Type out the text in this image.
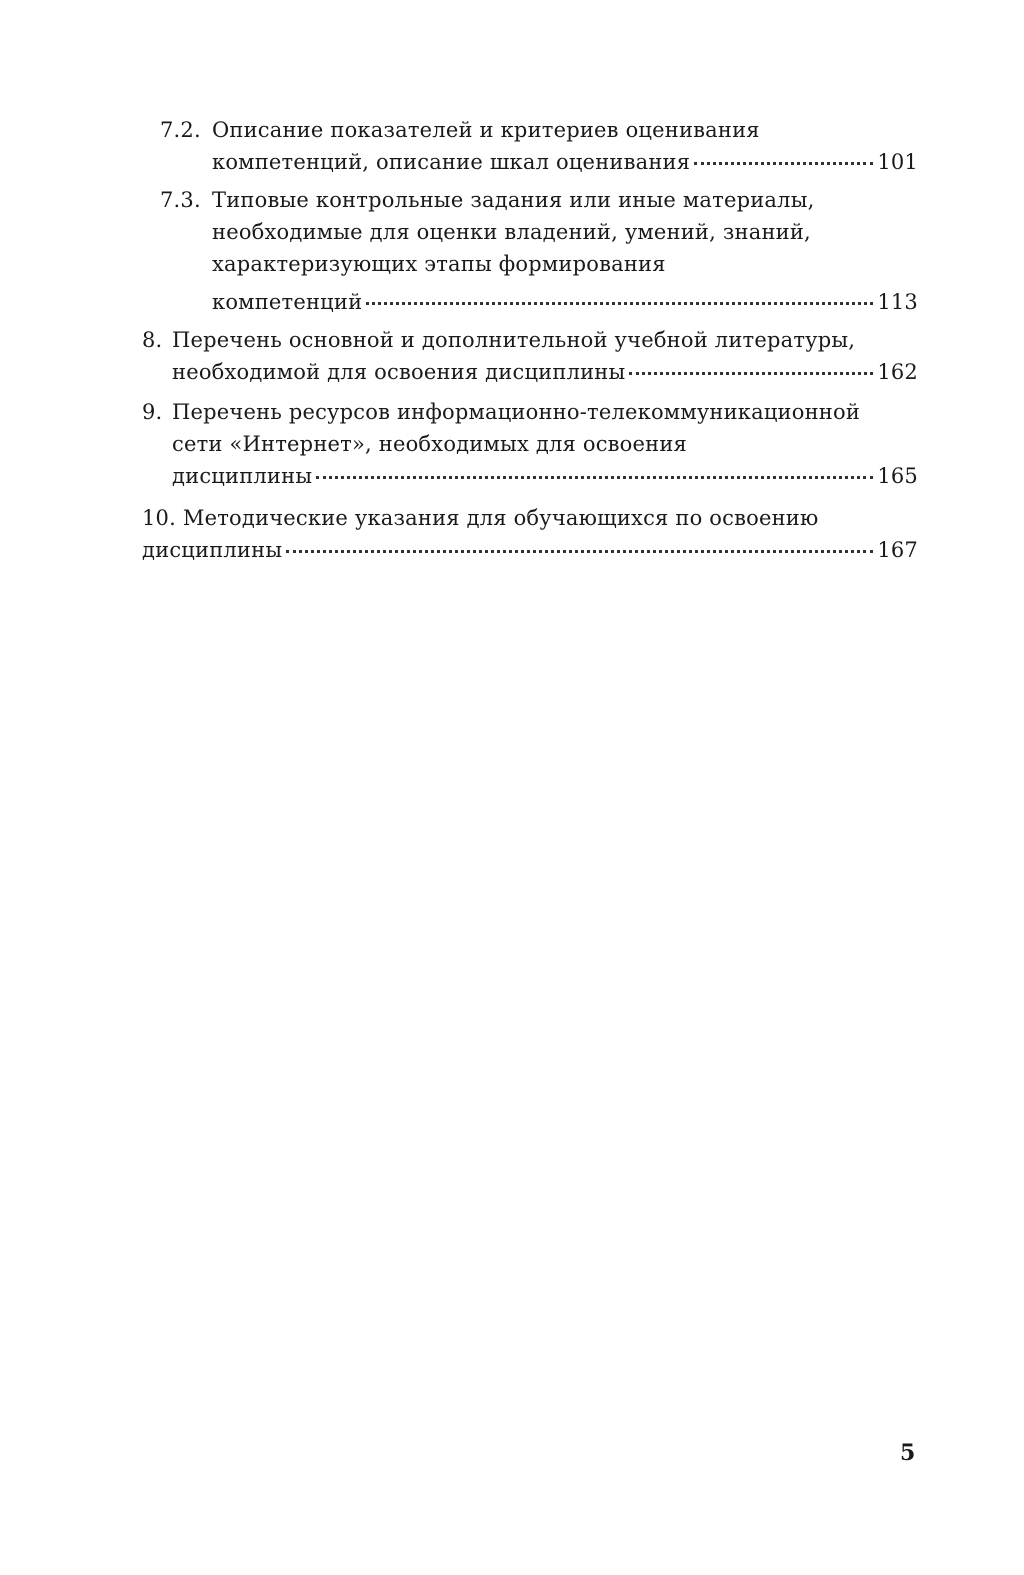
7.2. Описание показателей и критериев оценивания
компетенций, описание шкал оценивания	101
7.3. Типовые контрольные задания или иные материалы,
необходимые для оценки владений, умений, знаний,
характеризующих этапы формирования
компетенций	113
8. Перечень основной и дополнительной учебной литературы,
необходимой для освоения дисциплины	162
9. Перечень ресурсов информационно-телекоммуникационной
сети «Интернет», необходимых для освоения
дисциплины	165
10. Методические указания для обучающихся по освоению
дисциплины	167
5
